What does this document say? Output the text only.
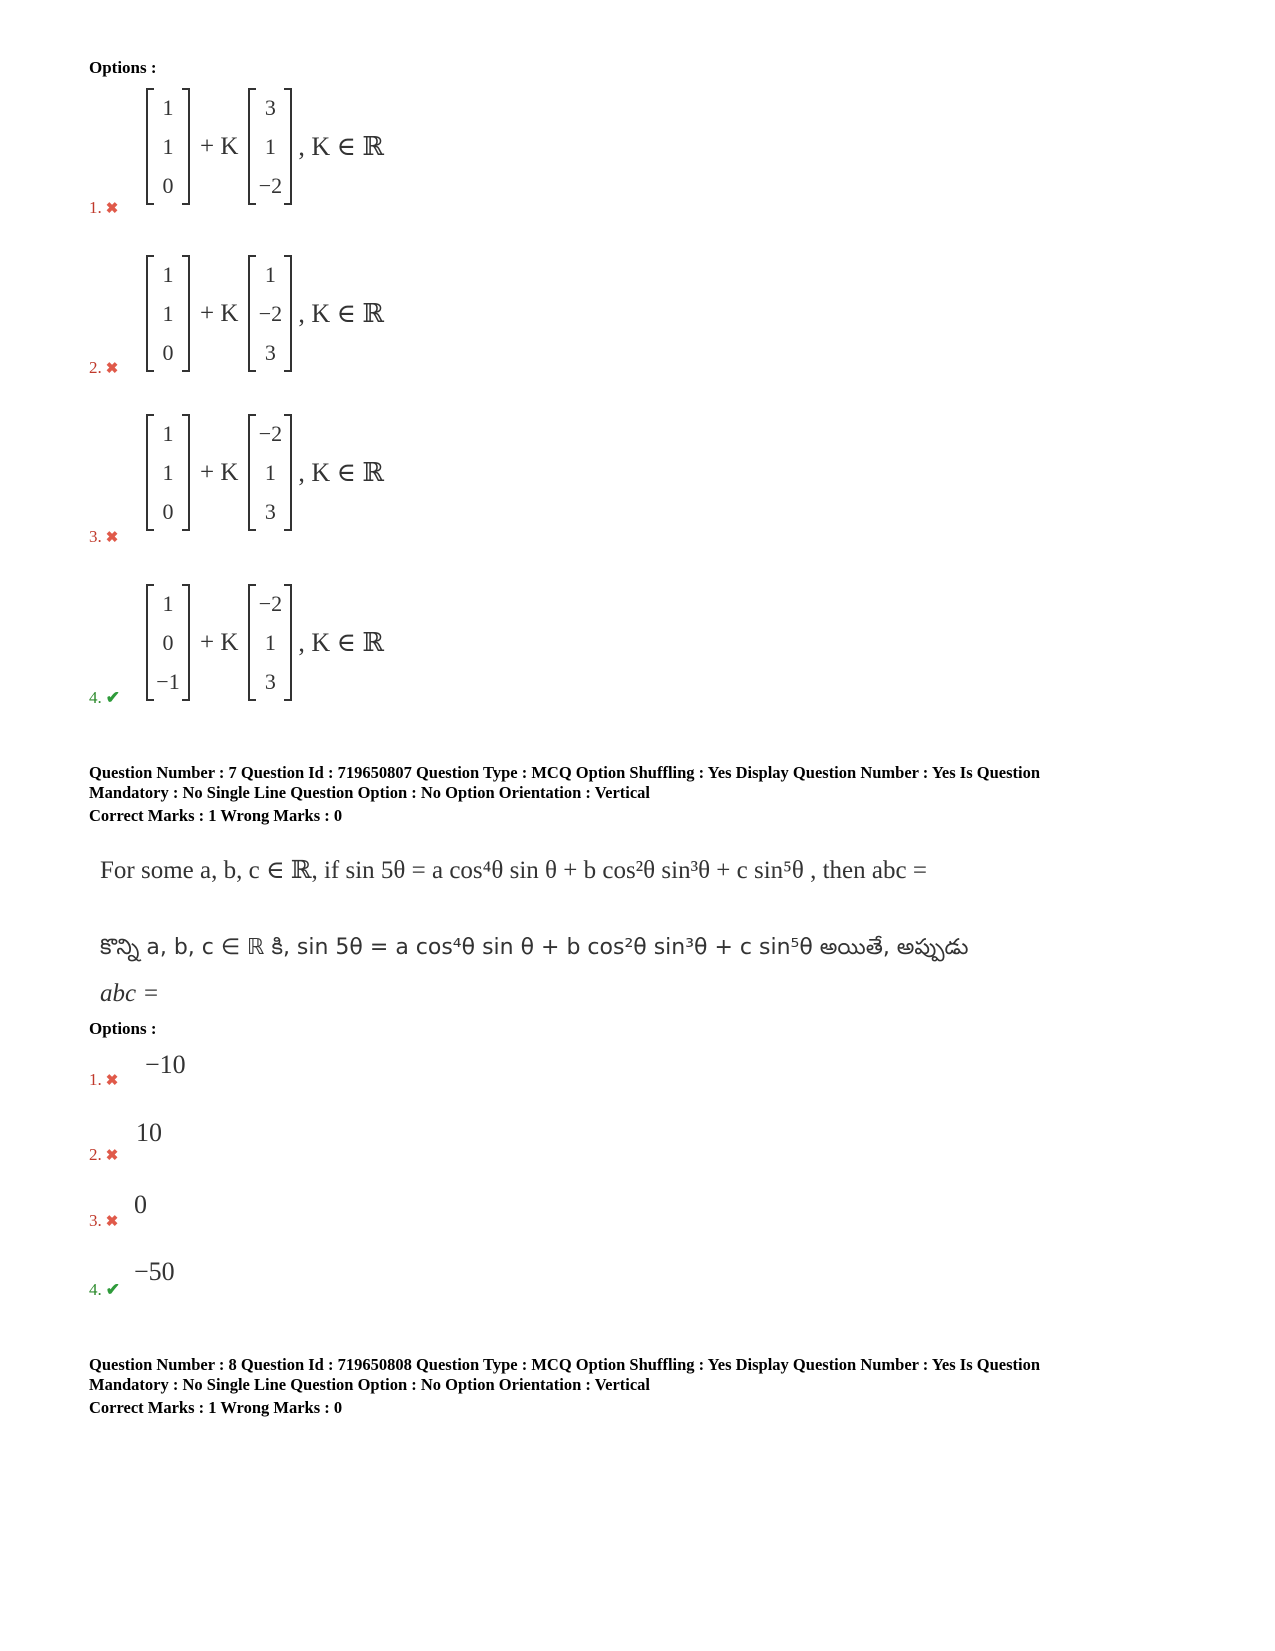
Options :
1. ✖
1
1
0
+ K
3
1
−2
, K ∈ ℝ
2. ✖
1
1
0
+ K
1
−2
3
, K ∈ ℝ
3. ✖
1
1
0
+ K
−2
1
3
, K ∈ ℝ
4. ✔
1
0
−1
+ K
−2
1
3
, K ∈ ℝ
Question Number : 7 Question Id : 719650807 Question Type : MCQ Option Shuffling : Yes Display Question Number : Yes Is Question
Mandatory : No Single Line Question Option : No Option Orientation : Vertical
Correct Marks : 1 Wrong Marks : 0
For some a, b, c ∈ ℝ, if sin 5θ = a cos⁴θ sin θ + b cos²θ sin³θ + c sin⁵θ , then abc =
కొన్ని a, b, c ∈ ℝ కి, sin 5θ = a cos⁴θ sin θ + b cos²θ sin³θ + c sin⁵θ అయితే, అప్పుడు
abc =
Options :
1. ✖
−10
2. ✖
10
3. ✖
0
4. ✔
−50
Question Number : 8 Question Id : 719650808 Question Type : MCQ Option Shuffling : Yes Display Question Number : Yes Is Question
Mandatory : No Single Line Question Option : No Option Orientation : Vertical
Correct Marks : 1 Wrong Marks : 0
